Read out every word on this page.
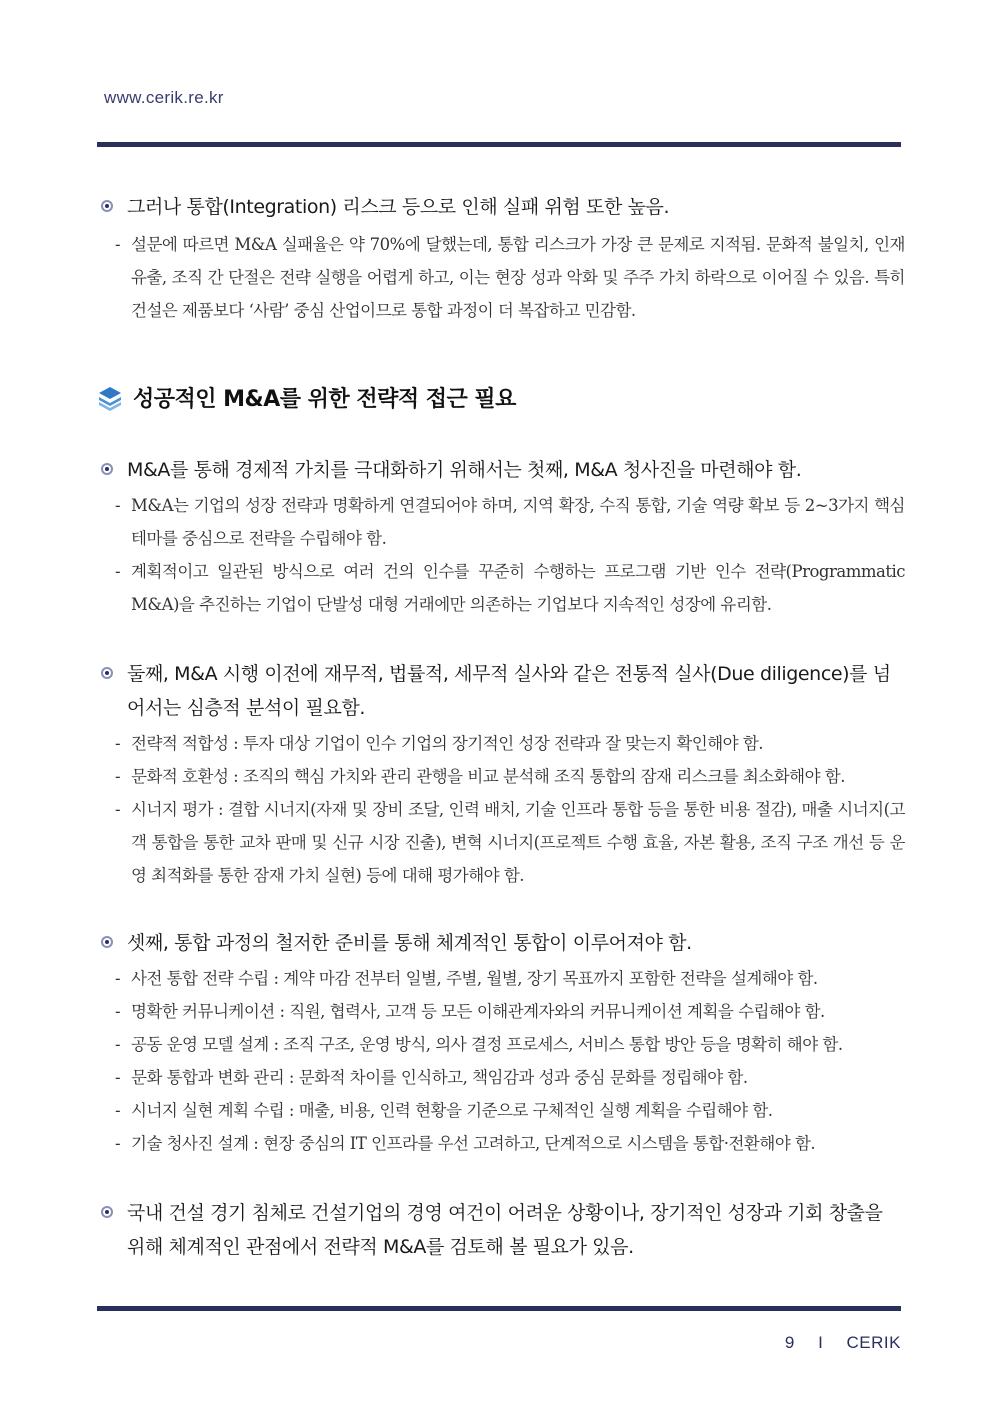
www.cerik.re.kr
그러나 통합(Integration) 리스크 등으로 인해 실패 위험 또한 높음.
- 설문에 따르면 M&A 실패율은 약 70%에 달했는데, 통합 리스크가 가장 큰 문제로 지적됨. 문화적 불일치, 인재 유출, 조직 간 단절은 전략 실행을 어렵게 하고, 이는 현장 성과 악화 및 주주 가치 하락으로 이어질 수 있음. 특히 건설은 제품보다 ‘사람’ 중심 산업이므로 통합 과정이 더 복잡하고 민감함.
성공적인 M&A를 위한 전략적 접근 필요
M&A를 통해 경제적 가치를 극대화하기 위해서는 첫째, M&A 청사진을 마련해야 함.
- M&A는 기업의 성장 전략과 명확하게 연결되어야 하며, 지역 확장, 수직 통합, 기술 역량 확보 등 2~3가지 핵심 테마를 중심으로 전략을 수립해야 함.
- 계획적이고 일관된 방식으로 여러 건의 인수를 꾸준히 수행하는 프로그램 기반 인수 전략(Programmatic M&A)을 추진하는 기업이 단발성 대형 거래에만 의존하는 기업보다 지속적인 성장에 유리함.
둘째, M&A 시행 이전에 재무적, 법률적, 세무적 실사와 같은 전통적 실사(Due diligence)를 넘어서는 심층적 분석이 필요함.
- 전략적 적합성 : 투자 대상 기업이 인수 기업의 장기적인 성장 전략과 잘 맞는지 확인해야 함.
- 문화적 호환성 : 조직의 핵심 가치와 관리 관행을 비교 분석해 조직 통합의 잠재 리스크를 최소화해야 함.
- 시너지 평가 : 결합 시너지(자재 및 장비 조달, 인력 배치, 기술 인프라 통합 등을 통한 비용 절감), 매출 시너지(고객 통합을 통한 교차 판매 및 신규 시장 진출), 변혁 시너지(프로젝트 수행 효율, 자본 활용, 조직 구조 개선 등 운영 최적화를 통한 잠재 가치 실현) 등에 대해 평가해야 함.
셋째, 통합 과정의 철저한 준비를 통해 체계적인 통합이 이루어져야 함.
- 사전 통합 전략 수립 : 계약 마감 전부터 일별, 주별, 월별, 장기 목표까지 포함한 전략을 설계해야 함.
- 명확한 커뮤니케이션 : 직원, 협력사, 고객 등 모든 이해관계자와의 커뮤니케이션 계획을 수립해야 함.
- 공동 운영 모델 설계 : 조직 구조, 운영 방식, 의사 결정 프로세스, 서비스 통합 방안 등을 명확히 해야 함.
- 문화 통합과 변화 관리 : 문화적 차이를 인식하고, 책임감과 성과 중심 문화를 정립해야 함.
- 시너지 실현 계획 수립 : 매출, 비용, 인력 현황을 기준으로 구체적인 실행 계획을 수립해야 함.
- 기술 청사진 설계 : 현장 중심의 IT 인프라를 우선 고려하고, 단계적으로 시스템을 통합·전환해야 함.
국내 건설 경기 침체로 건설기업의 경영 여건이 어려운 상황이나, 장기적인 성장과 기회 창출을 위해 체계적인 관점에서 전략적 M&A를 검토해 볼 필요가 있음.
9 I CERIK
